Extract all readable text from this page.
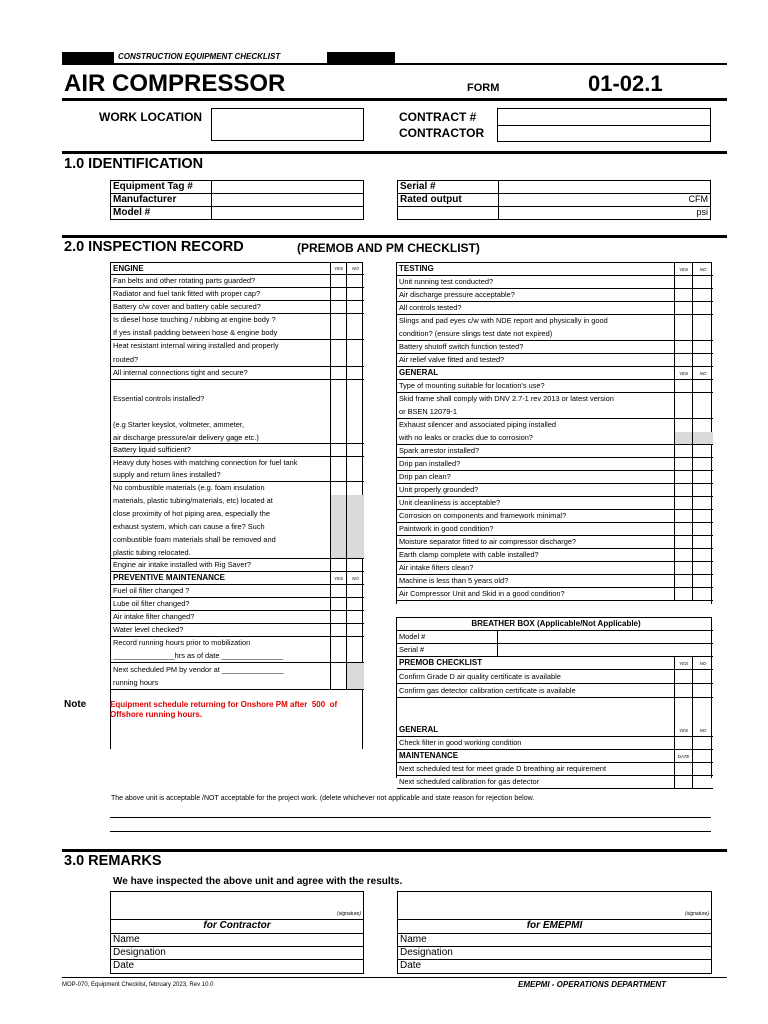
CONSTRUCTION EQUIPMENT CHECKLIST
AIR COMPRESSOR	FORM	01-02.1
WORK LOCATION	CONTRACT #
CONTRACTOR
1.0 IDENTIFICATION
Equipment Tag #
Manufacturer
Model #
Serial #
Rated output	CFM
psi
2.0 INSPECTION RECORD	(PREMOB AND PM CHECKLIST)
ENGINE	YES	NO
Fan belts and other rotating parts guarded?
Radiator and fuel tank fitted with proper cap?
Battery c/w cover and battery cable secured?
Is diesel hose touching / rubbing at engine body ?
If yes install padding between hose & engine body
Heat resistant internal wiring installed and properly
routed?
All internal connections tight and secure?
Essential controls installed?
(e.g Starter keyslot, voltmeter, ammeter,
air discharge pressure/air delivery gage etc.)
Battery liquid sufficient?
Heavy duty hoses with matching connection for fuel tank
supply and return lines installed?
No combustible materials (e.g. foam insulation
materials, plastic tubing/materials, etc) located at
close proximity of hot piping area, especially the
exhaust system, which can cause a fire? Such
combustible foam materials shall be removed and
plastic tubing relocated.
Engine air intake installed with Rig Saver?
PREVENTIVE MAINTENANCE	YES	NO
Fuel oil filter changed ?
Lube oil filter changed?
Air intake filter changed?
Water level checked?
Record running hours prior to mobilization
_______________hrs as of date _______________
Next scheduled PM by vendor at _______________
running hours
TESTING	YES	NO
Unit running test conducted?
Air discharge pressure acceptable?
All controls tested?
Slings and pad eyes c/w with NDE report and physically in good
condition? (ensure slings test date not expired)
Battery shutoff switch function tested?
Air relief valve fitted and tested?
GENERAL	YES	NO
Type of mounting suitable for location's use?
Skid frame shall comply with DNV 2.7-1 rev 2013 or latest version
or BSEN 12079-1
Exhaust silencer and associated piping installed
with no leaks or cracks due to corrosion?
Spark arrestor installed?
Drip pan installed?
Drip pan clean?
Unit properly grounded?
Unit cleanliness is acceptable?
Corrosion on components and framework minimal?
Paintwork in good condition?
Moisture separator fitted to air compressor discharge?
Earth clamp complete with cable installed?
Air intake filters clean?
Machine is less than 5 years old?
Air Compressor Unit and Skid in a good condition?
BREATHER BOX (Applicable/Not Applicable)
Model #
Serial #
PREMOB CHECKLIST	YES	NO
Confirm Grade D air quality certificate is available
Confirm gas detector calibration certificate is available
GENERAL	YES	NO
Check filter in good working condition
MAINTENANCE	DATE
Next scheduled test for meet grade D breathing air requirement
Next scheduled calibration for gas detector
Note	Equipment schedule returning for Onshore PM after 500 of
Offshore running hours.
The above unit is acceptable /NOT acceptable for the project work. (delete whichever not applicable and state reason for rejection below.
3.0 REMARKS
We have inspected the above unit and agree with the results.
(signature)
for Contractor
Name
Designation
Date
(signature)
for EMEPMI
Name
Designation
Date
MOP-070, Equipment Checklist, february 2023, Rev 10.0	EMEPMI - OPERATIONS DEPARTMENT
